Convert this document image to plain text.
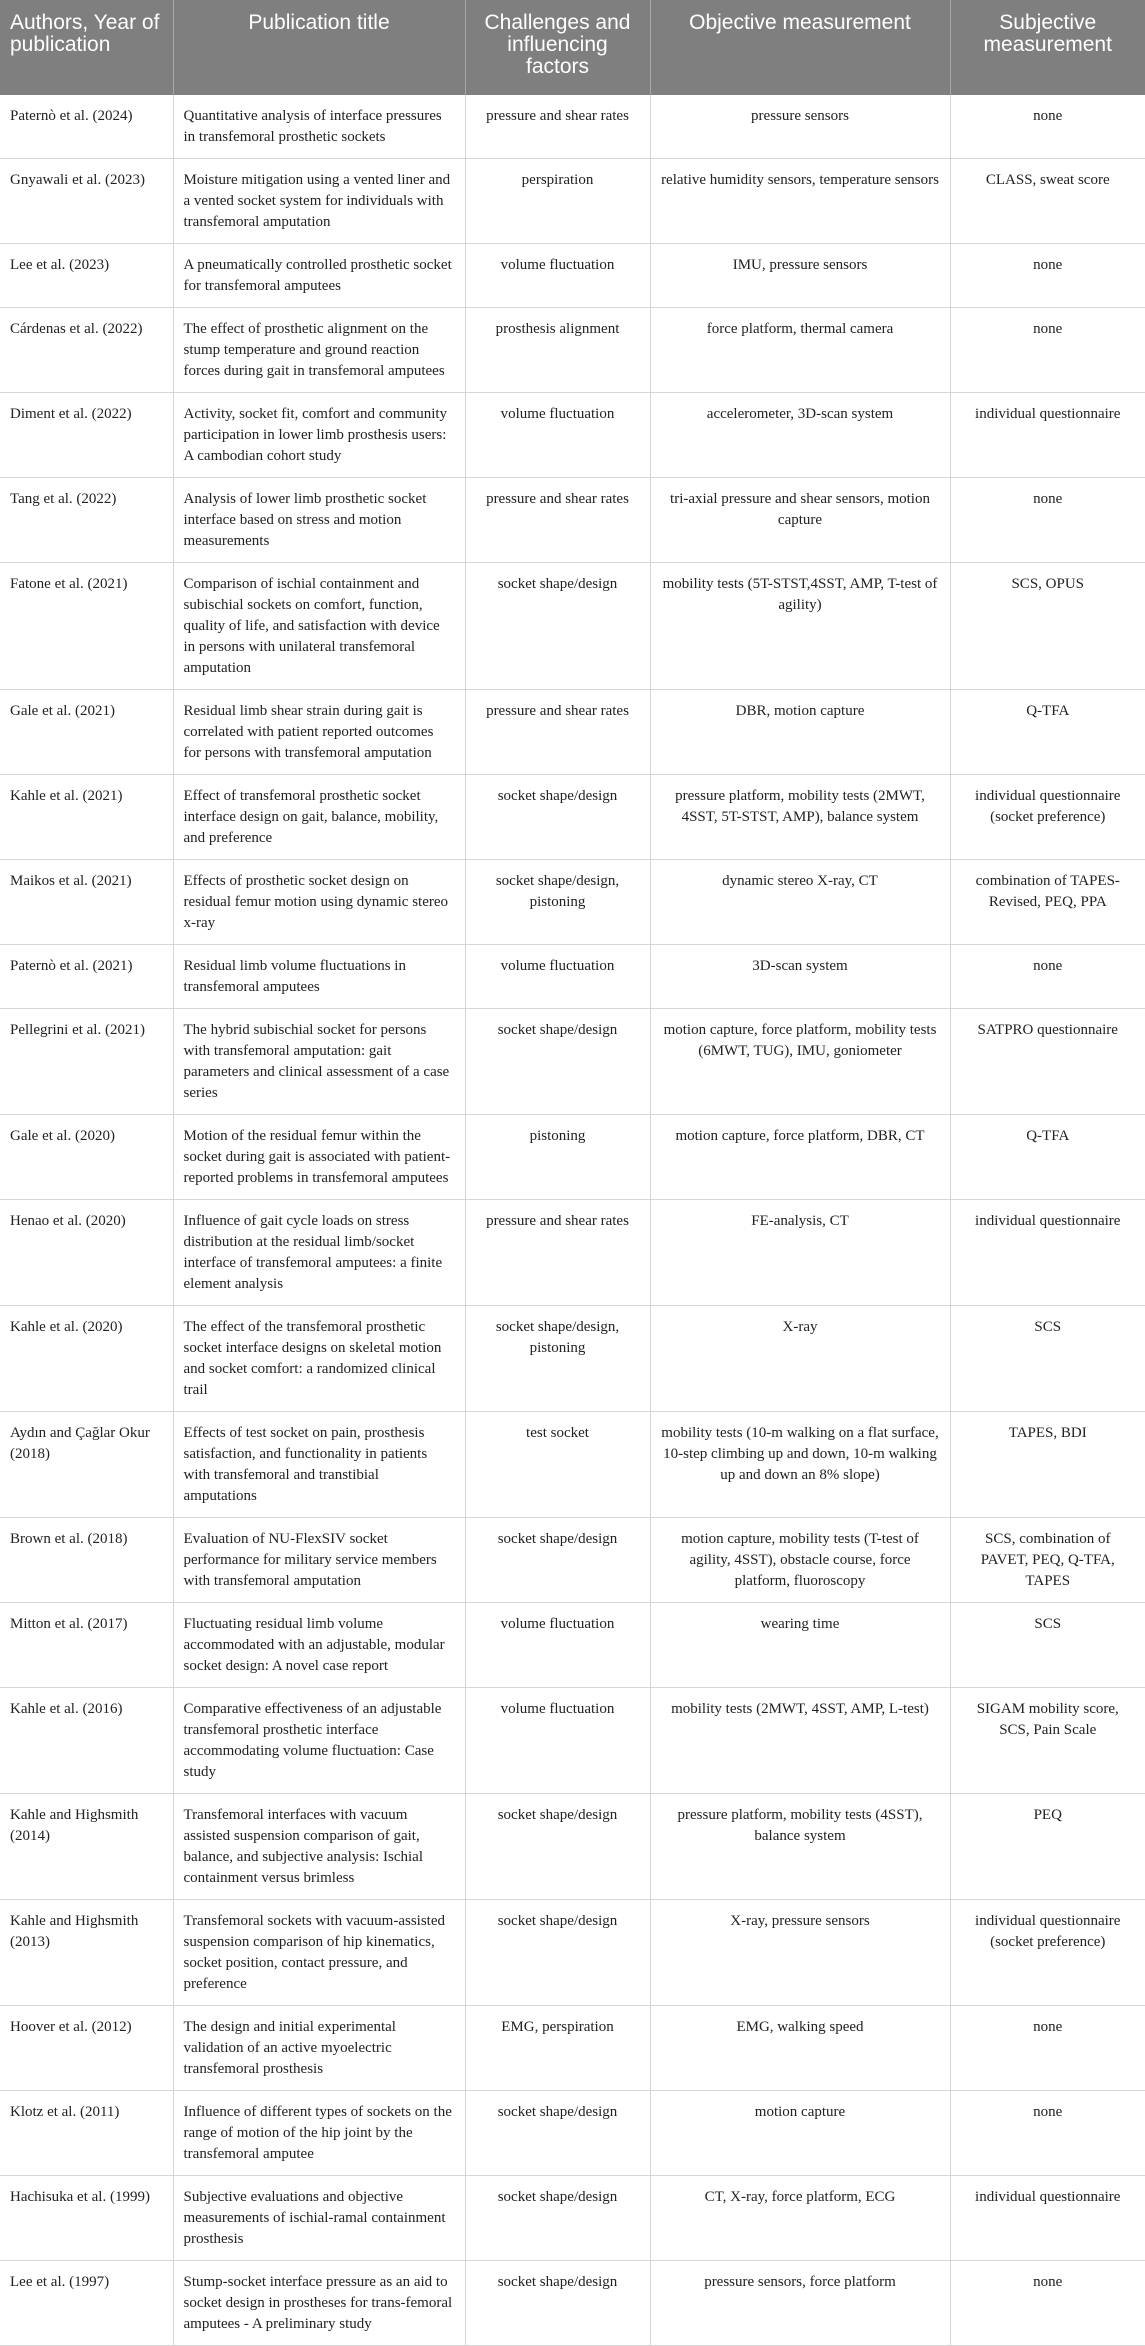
Authors, Year of publication	Publication title	Challenges and influencing factors	Objective measurement	Subjective measurement
Paternò et al. (2024)	Quantitative analysis of interface pressures in transfemoral prosthetic sockets	pressure and shear rates	pressure sensors	none
Gnyawali et al. (2023)	Moisture mitigation using a vented liner and a vented socket system for individuals with transfemoral amputation	perspiration	relative humidity sensors, temperature sensors	CLASS, sweat score
Lee et al. (2023)	A pneumatically controlled prosthetic socket for transfemoral amputees	volume fluctuation	IMU, pressure sensors	none
Cárdenas et al. (2022)	The effect of prosthetic alignment on the stump temperature and ground reaction forces during gait in transfemoral amputees	prosthesis alignment	force platform, thermal camera	none
Diment et al. (2022)	Activity, socket fit, comfort and community participation in lower limb prosthesis users: A cambodian cohort study	volume fluctuation	accelerometer, 3D-scan system	individual questionnaire
Tang et al. (2022)	Analysis of lower limb prosthetic socket interface based on stress and motion measurements	pressure and shear rates	tri-axial pressure and shear sensors, motion capture	none
Fatone et al. (2021)	Comparison of ischial containment and subischial sockets on comfort, function, quality of life, and satisfaction with device in persons with unilateral transfemoral amputation	socket shape/design	mobility tests (5T-STST,4SST, AMP, T-test of agility)	SCS, OPUS
Gale et al. (2021)	Residual limb shear strain during gait is correlated with patient reported outcomes for persons with transfemoral amputation	pressure and shear rates	DBR, motion capture	Q-TFA
Kahle et al. (2021)	Effect of transfemoral prosthetic socket interface design on gait, balance, mobility, and preference	socket shape/design	pressure platform, mobility tests (2MWT, 4SST, 5T-STST, AMP), balance system	individual questionnaire (socket preference)
Maikos et al. (2021)	Effects of prosthetic socket design on residual femur motion using dynamic stereo x-ray	socket shape/design, pistoning	dynamic stereo X-ray, CT	combination of TAPES-Revised, PEQ, PPA
Paternò et al. (2021)	Residual limb volume fluctuations in transfemoral amputees	volume fluctuation	3D-scan system	none
Pellegrini et al. (2021)	The hybrid subischial socket for persons with transfemoral amputation: gait parameters and clinical assessment of a case series	socket shape/design	motion capture, force platform, mobility tests (6MWT, TUG), IMU, goniometer	SATPRO questionnaire
Gale et al. (2020)	Motion of the residual femur within the socket during gait is associated with patient-reported problems in transfemoral amputees	pistoning	motion capture, force platform, DBR, CT	Q-TFA
Henao et al. (2020)	Influence of gait cycle loads on stress distribution at the residual limb/socket interface of transfemoral amputees: a finite element analysis	pressure and shear rates	FE-analysis, CT	individual questionnaire
Kahle et al. (2020)	The effect of the transfemoral prosthetic socket interface designs on skeletal motion and socket comfort: a randomized clinical trail	socket shape/design, pistoning	X-ray	SCS
Aydın and Çağlar Okur (2018)	Effects of test socket on pain, prosthesis satisfaction, and functionality in patients with transfemoral and transtibial amputations	test socket	mobility tests (10-m walking on a flat surface, 10-step climbing up and down, 10-m walking up and down an 8% slope)	TAPES, BDI
Brown et al. (2018)	Evaluation of NU-FlexSIV socket performance for military service members with transfemoral amputation	socket shape/design	motion capture, mobility tests (T-test of agility, 4SST), obstacle course, force platform, fluoroscopy	SCS, combination of PAVET, PEQ, Q-TFA, TAPES
Mitton et al. (2017)	Fluctuating residual limb volume accommodated with an adjustable, modular socket design: A novel case report	volume fluctuation	wearing time	SCS
Kahle et al. (2016)	Comparative effectiveness of an adjustable transfemoral prosthetic interface accommodating volume fluctuation: Case study	volume fluctuation	mobility tests (2MWT, 4SST, AMP, L-test)	SIGAM mobility score, SCS, Pain Scale
Kahle and Highsmith (2014)	Transfemoral interfaces with vacuum assisted suspension comparison of gait, balance, and subjective analysis: Ischial containment versus brimless	socket shape/design	pressure platform, mobility tests (4SST), balance system	PEQ
Kahle and Highsmith (2013)	Transfemoral sockets with vacuum-assisted suspension comparison of hip kinematics, socket position, contact pressure, and preference	socket shape/design	X-ray, pressure sensors	individual questionnaire (socket preference)
Hoover et al. (2012)	The design and initial experimental validation of an active myoelectric transfemoral prosthesis	EMG, perspiration	EMG, walking speed	none
Klotz et al. (2011)	Influence of different types of sockets on the range of motion of the hip joint by the transfemoral amputee	socket shape/design	motion capture	none
Hachisuka et al. (1999)	Subjective evaluations and objective measurements of ischial-ramal containment prosthesis	socket shape/design	CT, X-ray, force platform, ECG	individual questionnaire
Lee et al. (1997)	Stump-socket interface pressure as an aid to socket design in prostheses for trans-femoral amputees - A preliminary study	socket shape/design	pressure sensors, force platform	none
